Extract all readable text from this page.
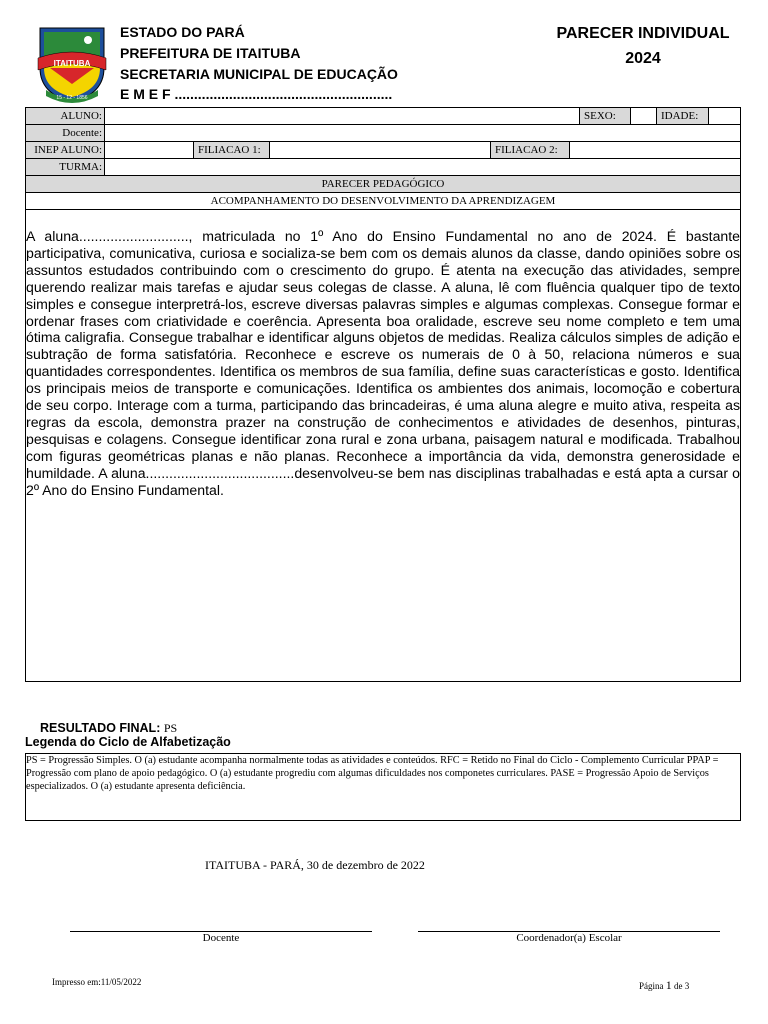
ITAITUBA
15 - 12 - 1856
ESTADO DO PARÁ
PREFEITURA DE ITAITUBA
SECRETARIA MUNICIPAL DE EDUCAÇÃO
E M E F ........................................................
PARECER INDIVIDUAL
2024
ALUNO:	SEXO:	IDADE:
Docente:
INEP ALUNO:	FILIACAO 1:	FILIACAO 2:
TURMA:
PARECER PEDAGÓGICO
ACOMPANHAMENTO DO DESENVOLVIMENTO DA APRENDIZAGEM

A aluna............................, matriculada no 1º Ano do Ensino Fundamental no ano de 2024. É bastante participativa, comunicativa, curiosa e socializa-se bem com os demais alunos da classe, dando opiniões sobre os assuntos estudados contribuindo com o crescimento do grupo. É atenta na execução das atividades, sempre querendo realizar mais tarefas e ajudar seus colegas de classe. A aluna, lê com fluência qualquer tipo de texto simples e consegue interpretrá-los, escreve diversas palavras simples e algumas complexas. Consegue formar e ordenar frases com criatividade e coerência. Apresenta boa oralidade, escreve seu nome completo e tem uma ótima caligrafia. Consegue trabalhar e identificar alguns objetos de medidas. Realiza cálculos simples de adição e subtração de forma satisfatória. Reconhece e escreve os numerais de 0 à 50, relaciona números e sua quantidades correspondentes. Identifica os membros de sua família, define suas características e gosto. Identifica os principais meios de transporte e comunicações. Identifica os ambientes dos animais, locomoção e cobertura de seu corpo. Interage com a turma, participando das brincadeiras, é uma aluna alegre e muito ativa, respeita as regras da escola, demonstra prazer na construção de conhecimentos e atividades de desenhos, pinturas, pesquisas e colagens. Consegue identificar zona rural e zona urbana, paisagem natural e modificada. Trabalhou com figuras geométricas planas e não planas. Reconhece a importância da vida, demonstra generosidade e humildade. A aluna......................................desenvolveu-se bem nas disciplinas trabalhadas e está apta a cursar o 2º Ano do Ensino Fundamental.

RESULTADO FINAL: PS
Legenda do Ciclo de Alfabetização

PS = Progressão Simples. O (a) estudante acompanha normalmente todas as atividades e conteúdos. RFC = Retido no Final do Ciclo - Complemento Curricular PPAP = Progressão com plano de apoio pedagógico. O (a) estudante progrediu com algumas dificuldades nos componetes curriculares. PASE = Progressão Apoio de Serviços especializados. O (a) estudante apresenta deficiência.

ITAITUBA - PARÁ, 30 de dezembro de 2022
Docente	Coordenador(a) Escolar
Impresso em:11/05/2022	Página 1 de 3
